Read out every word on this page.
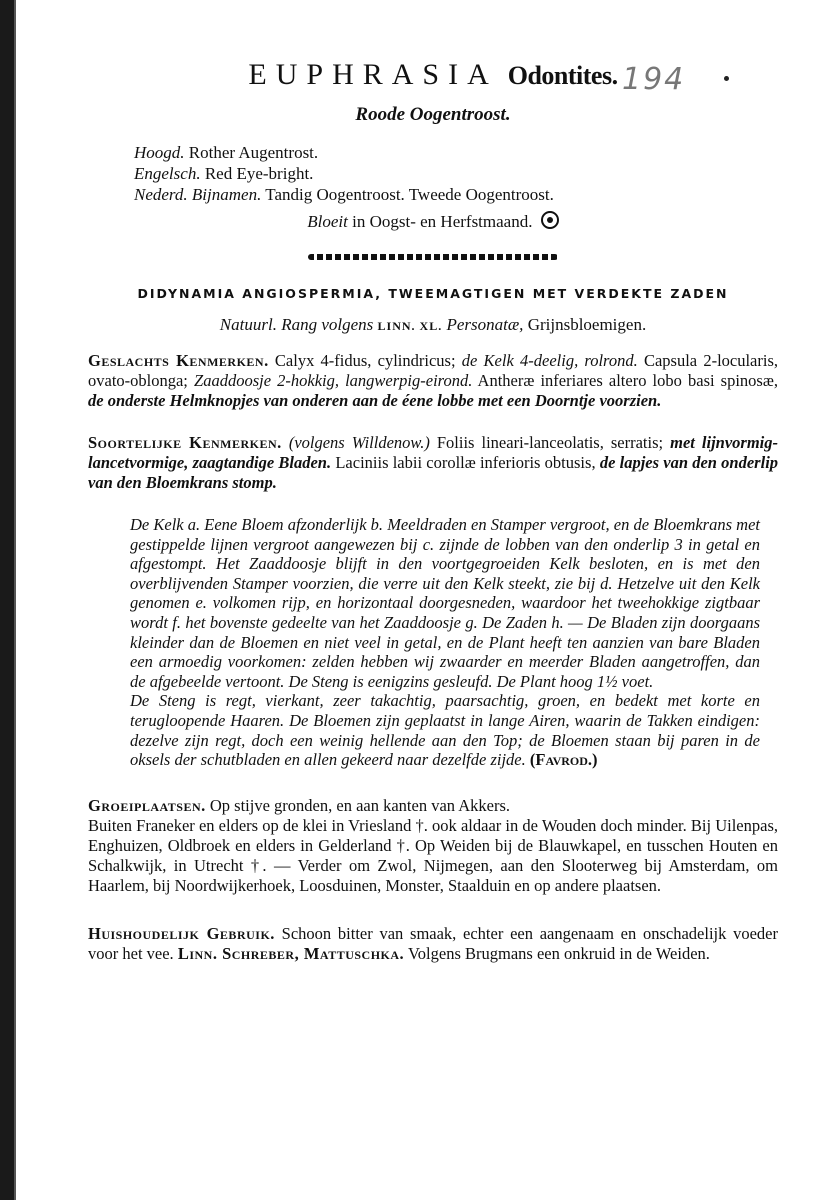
EUPHRASIA Odontites. 194
Roode Oogentroost.
Hoogd. Rother Augentrost.
Engelsch. Red Eye-bright.
Nederd. Bijnamen. Tandig Oogentroost. Tweede Oogentroost.
Bloeit in Oogst- en Herfstmaand.
DIDYNAMIA ANGIOSPERMIA, TWEEMAGTIGEN MET VERDEKTE ZADEN
Natuurl. Rang volgens LINN. XL. Personatæ, Grijnsbloemigen.
Geslachts Kenmerken. Calyx 4-fidus, cylindricus; de Kelk 4-deelig, rolrond. Capsula 2-locularis, ovato-oblonga; Zaaddoosje 2-hokkig, langwerpig-eirond. Antheræ inferiares altero lobo basi spinosæ, de onderste Helmknopjes van onderen aan de éene lobbe met een Doorntje voorzien.
Soortelijke Kenmerken. (volgens Willdenow.) Foliis lineari-lanceolatis, serratis; met lijnvormig-lancetvormige, zaagtandige Bladen. Laciniis labii corollæ inferioris obtusis, de lapjes van den onderlip van den Bloemkrans stomp.
De Kelk a. Eene Bloem afzonderlijk b. Meeldraden en Stamper vergroot, en de Bloemkrans met gestippelde lijnen vergroot aangewezen bij c. zijnde de lobben van den onderlip 3 in getal en afgestompt. Het Zaaddoosje blijft in den voortgegroeiden Kelk besloten, en is met den overblijvenden Stamper voorzien, die verre uit den Kelk steekt, zie bij d. Hetzelve uit den Kelk genomen e. volkomen rijp, en horizontaal doorgesneden, waardoor het tweehokkige zigtbaar wordt f. het bovenste gedeelte van het Zaaddoosje g. De Zaden h. — De Bladen zijn doorgaans kleinder dan de Bloemen en niet veel in getal, en de Plant heeft ten aanzien van bare Bladen een armoedig voorkomen: zelden hebben wij zwaarder en meerder Bladen aangetroffen, dan de afgebeelde vertoont. De Steng is eenigzins gesleufd. De Plant hoog 1½ voet.
De Steng is regt, vierkant, zeer takachtig, paarsachtig, groen, en bedekt met korte en terugloopende Haaren. De Bloemen zijn geplaatst in lange Airen, waarin de Takken eindigen: dezelve zijn regt, doch een weinig hellende aan den Top; de Bloemen staan bij paren in de oksels der schutbladen en allen gekeerd naar dezelfde zijde. (Favrod.)
Groeiplaatsen. Op stijve gronden, en aan kanten van Akkers.
Buiten Franeker en elders op de klei in Vriesland †. ook aldaar in de Wouden doch minder. Bij Uilenpas, Enghuizen, Oldbroek en elders in Gelderland †. Op Weiden bij de Blauwkapel, en tusschen Houten en Schalkwijk, in Utrecht †. — Verder om Zwol, Nijmegen, aan den Slooterweg bij Amsterdam, om Haarlem, bij Noordwijkerhoek, Loosduinen, Monster, Staalduin en op andere plaatsen.
Huishoudelijk Gebruik. Schoon bitter van smaak, echter een aangenaam en onschadelijk voeder voor het vee. Linn. Schreber, Mattuschka. Volgens Brugmans een onkruid in de Weiden.
